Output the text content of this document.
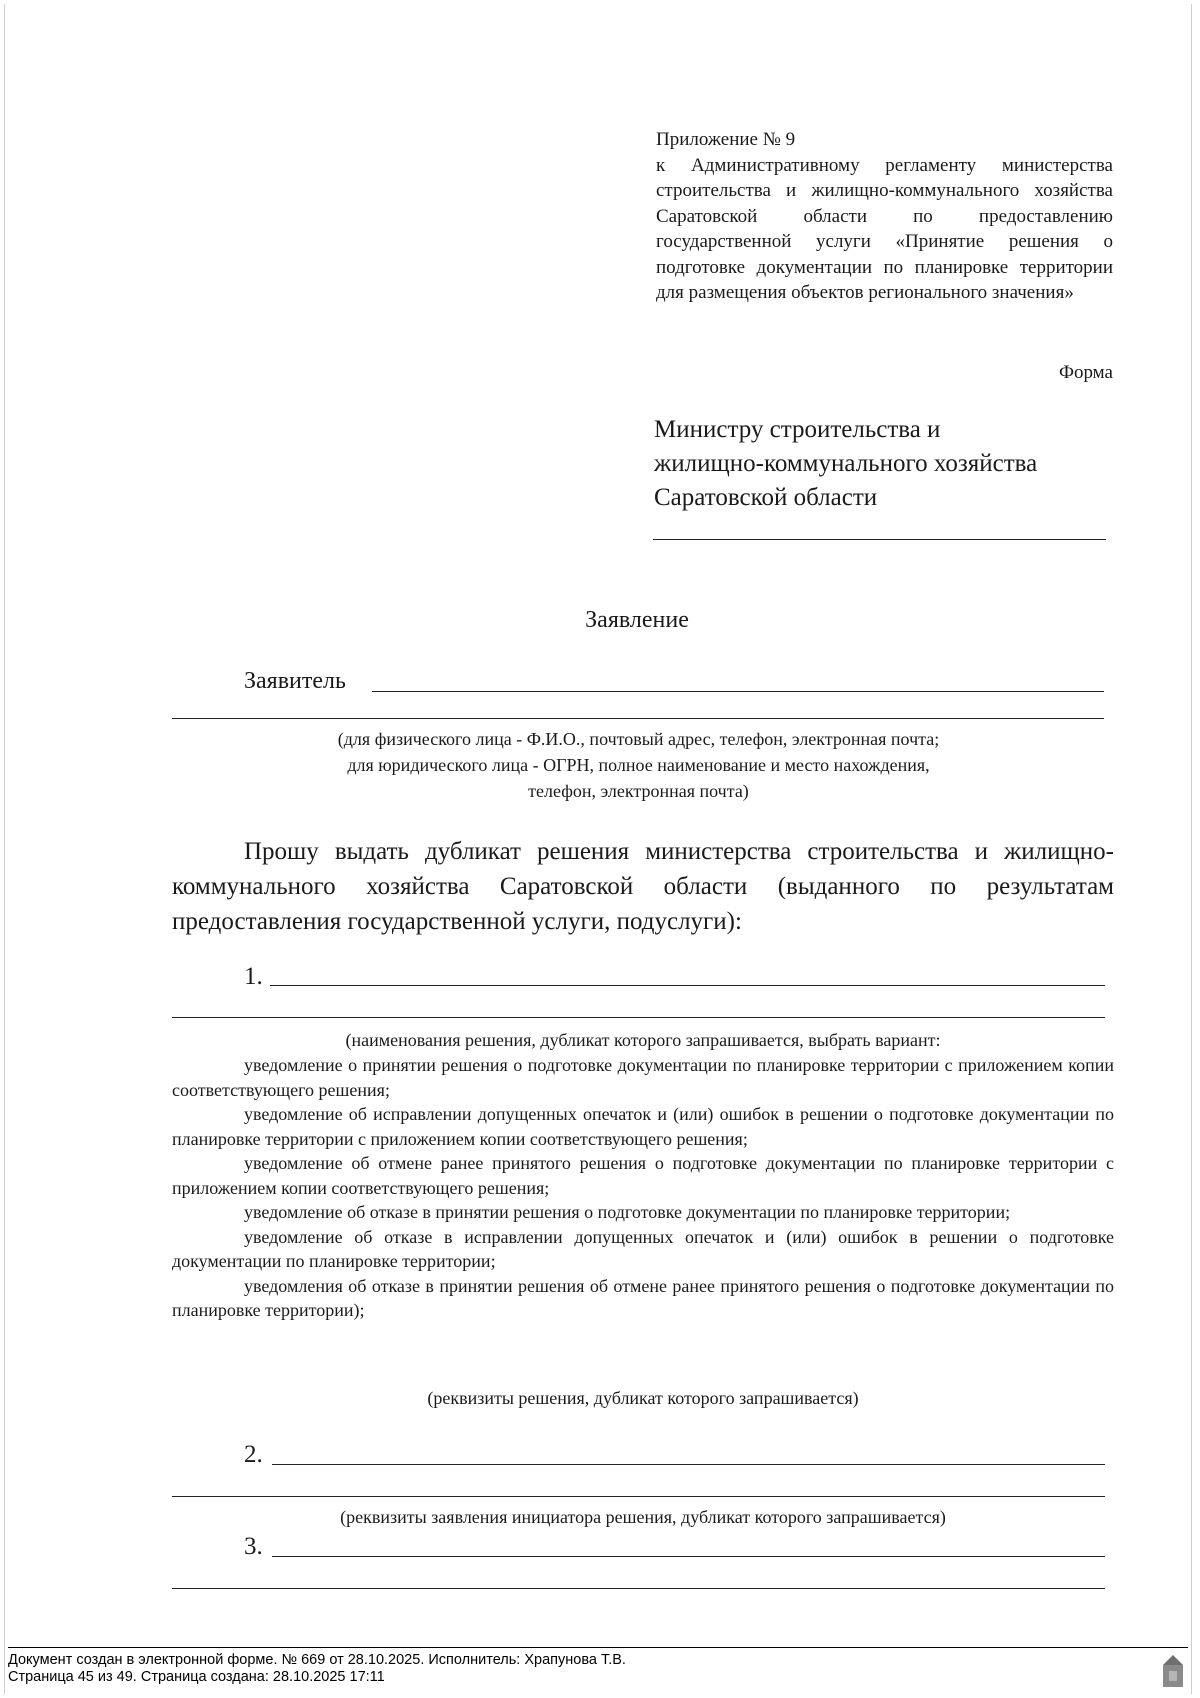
Приложение № 9
к Административному регламенту министерства строительства и жилищно-коммунального хозяйства Саратовской области по предоставлению государственной услуги «Принятие решения о подготовке документации по планировке территории для размещения объектов регионального значения»
Форма
Министру строительства и
жилищно-коммунального хозяйства
Саратовской области
Заявление
Заявитель
(для физического лица - Ф.И.О., почтовый адрес, телефон, электронная почта;
для юридического лица - ОГРН, полное наименование и место нахождения,
телефон, электронная почта)
Прошу выдать дубликат решения министерства строительства и жилищно-коммунального хозяйства Саратовской области (выданного по результатам предоставления государственной услуги, подуслуги):
1.
(наименования решения, дубликат которого запрашивается, выбрать вариант:

уведомление о принятии решения о подготовке документации по планировке территории с приложением копии соответствующего решения;

уведомление об исправлении допущенных опечаток и (или) ошибок в решении о подготовке документации по планировке территории с приложением копии соответствующего решения;

уведомление об отмене ранее принятого решения о подготовке документации по планировке территории с приложением копии соответствующего решения;

уведомление об отказе в принятии решения о подготовке документации по планировке территории;

уведомление об отказе в исправлении допущенных опечаток и (или) ошибок в решении о подготовке документации по планировке территории;

уведомления об отказе в принятии решения об отмене ранее принятого решения о подготовке документации по планировке территории);

(реквизиты решения, дубликат которого запрашивается)
2.
(реквизиты заявления инициатора решения, дубликат которого запрашивается)
3.
Документ создан в электронной форме. № 669 от 28.10.2025. Исполнитель: Храпунова Т.В.
Страница 45 из 49. Страница создана: 28.10.2025 17:11
